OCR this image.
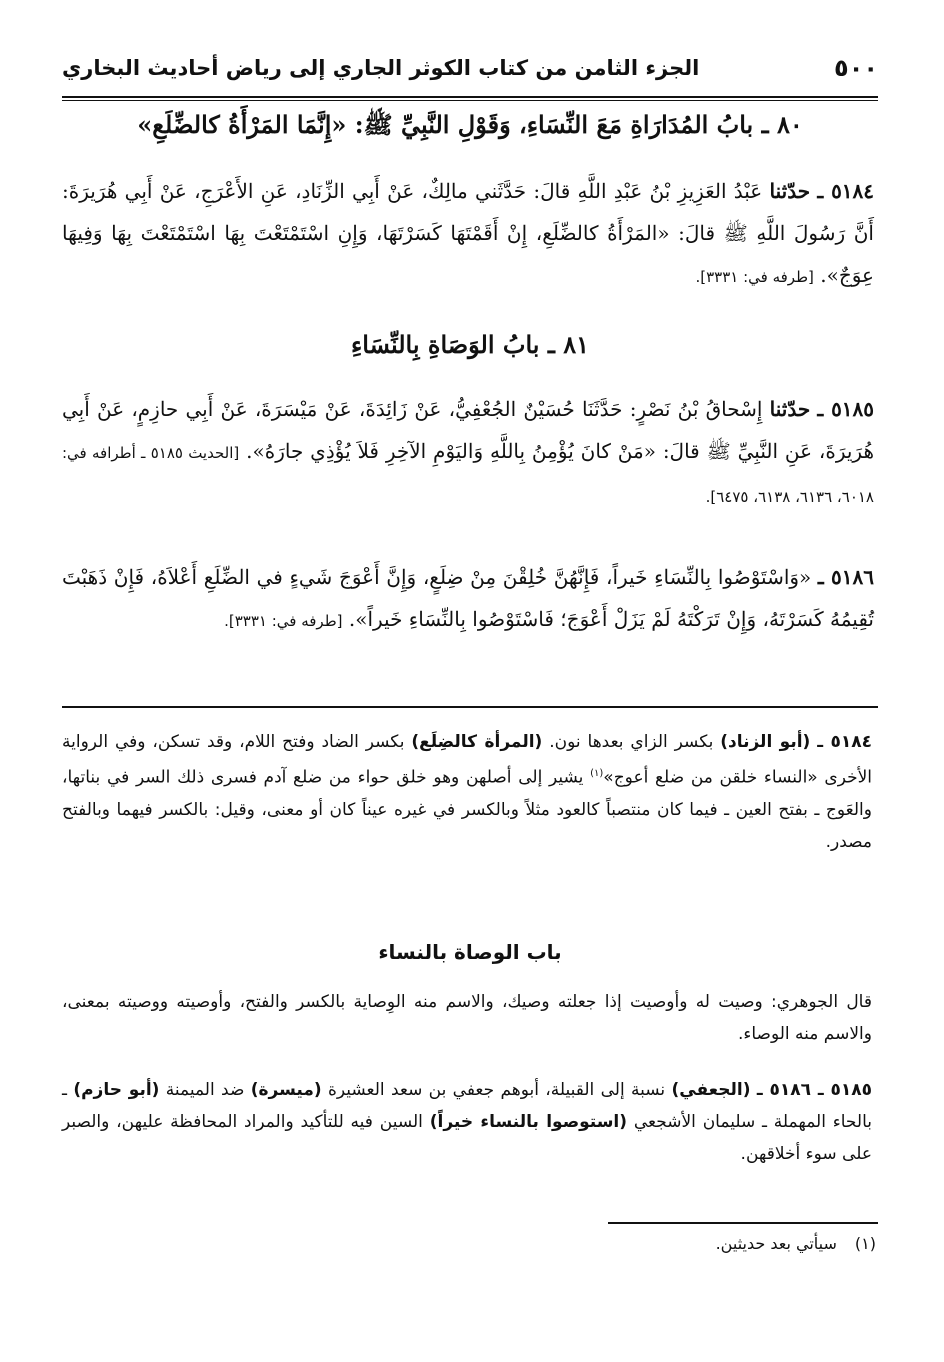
٥٠٠
الجزء الثامن من كتاب الكوثر الجاري إلى رياض أحاديث البخاري
٨٠ ـ بابُ المُدَارَاةِ مَعَ النِّسَاءِ، وَقَوْلِ النَّبِيِّ ﷺ: «إِنَّمَا المَرْأَةُ كالضِّلَعِ»
٥١٨٤ ـ حدّثنا عَبْدُ العَزِيزِ بْنُ عَبْدِ اللَّهِ قالَ: حَدَّثَني مالِكٌ، عَنْ أَبِي الزِّنَادِ، عَنِ الأَعْرَجِ، عَنْ أَبِي هُرَيرَةَ: أَنَّ رَسُولَ اللَّهِ ﷺ قالَ: «المَرْأَةُ كالضِّلَعِ، إِنْ أَقَمْتَهَا كَسَرْتَهَا، وَإِنِ اسْتَمْتَعْتَ بِهَا اسْتَمْتَعْتَ بِهَا وَفِيهَا عِوَجٌ». [طرفه في: ٣٣٣١].
٨١ ـ بابُ الوَصَاةِ بِالنِّسَاءِ
٥١٨٥ ـ حدّثنا إِسْحاقُ بْنُ نَصْرٍ: حَدَّثَنَا حُسَيْنٌ الجُعْفِيُّ، عَنْ زَائِدَةَ، عَنْ مَيْسَرَةَ، عَنْ أَبِي حازِمٍ، عَنْ أَبِي هُرَيرَةَ، عَنِ النَّبِيِّ ﷺ قالَ: «مَنْ كانَ يُؤْمِنُ بِاللَّهِ وَاليَوْمِ الآخِرِ فَلاَ يُؤْذِي جارَهُ». [الحديث ٥١٨٥ ـ أطرافه في: ٦٠١٨، ٦١٣٦، ٦١٣٨، ٦٤٧٥].
٥١٨٦ ـ «وَاسْتَوْصُوا بِالنِّسَاءِ خَيراً، فَإِنَّهُنَّ خُلِقْنَ مِنْ ضِلَعٍ، وَإِنَّ أَعْوَجَ شَيءٍ في الضِّلَعِ أَعْلاَهُ، فَإِنْ ذَهَبْتَ تُقِيمُهُ كَسَرْتَهُ، وَإِنْ تَرَكْتَهُ لَمْ يَزَلْ أَعْوَجَ؛ فَاسْتَوْصُوا بِالنِّسَاءِ خَيراً». [طرفه في: ٣٣٣١].
٥١٨٤ ـ (أبو الزناد) بكسر الزاي بعدها نون. (المرأة كالضِلَع) بكسر الضاد وفتح اللام، وقد تسكن، وفي الرواية الأخرى «النساء خلقن من ضلع أعوج»$^{(١)}$ يشير إلى أصلهن وهو خلق حواء من ضلع آدم فسرى ذلك السر في بناتها، والعَوج ـ بفتح العين ـ فيما كان منتصباً كالعود مثلاً وبالكسر في غيره عيناً كان أو معنى، وقيل: بالكسر فيهما وبالفتح مصدر.
باب الوصاة بالنساء
قال الجوهري: وصيت له وأوصيت إذا جعلته وصيك، والاسم منه الوِصاية بالكسر والفتح، وأوصيته ووصيته بمعنى، والاسم منه الوصاء.
٥١٨٥ ـ ٥١٨٦ ـ (الجعفي) نسبة إلى القبيلة، أبوهم جعفي بن سعد العشيرة (ميسرة) ضد الميمنة (أبو حازم) ـ بالحاء المهملة ـ سليمان الأشجعي (استوصوا بالنساء خيراً) السين فيه للتأكيد والمراد المحافظة عليهن، والصبر على سوء أخلاقهن.
(١)
سيأتي بعد حديثين.
